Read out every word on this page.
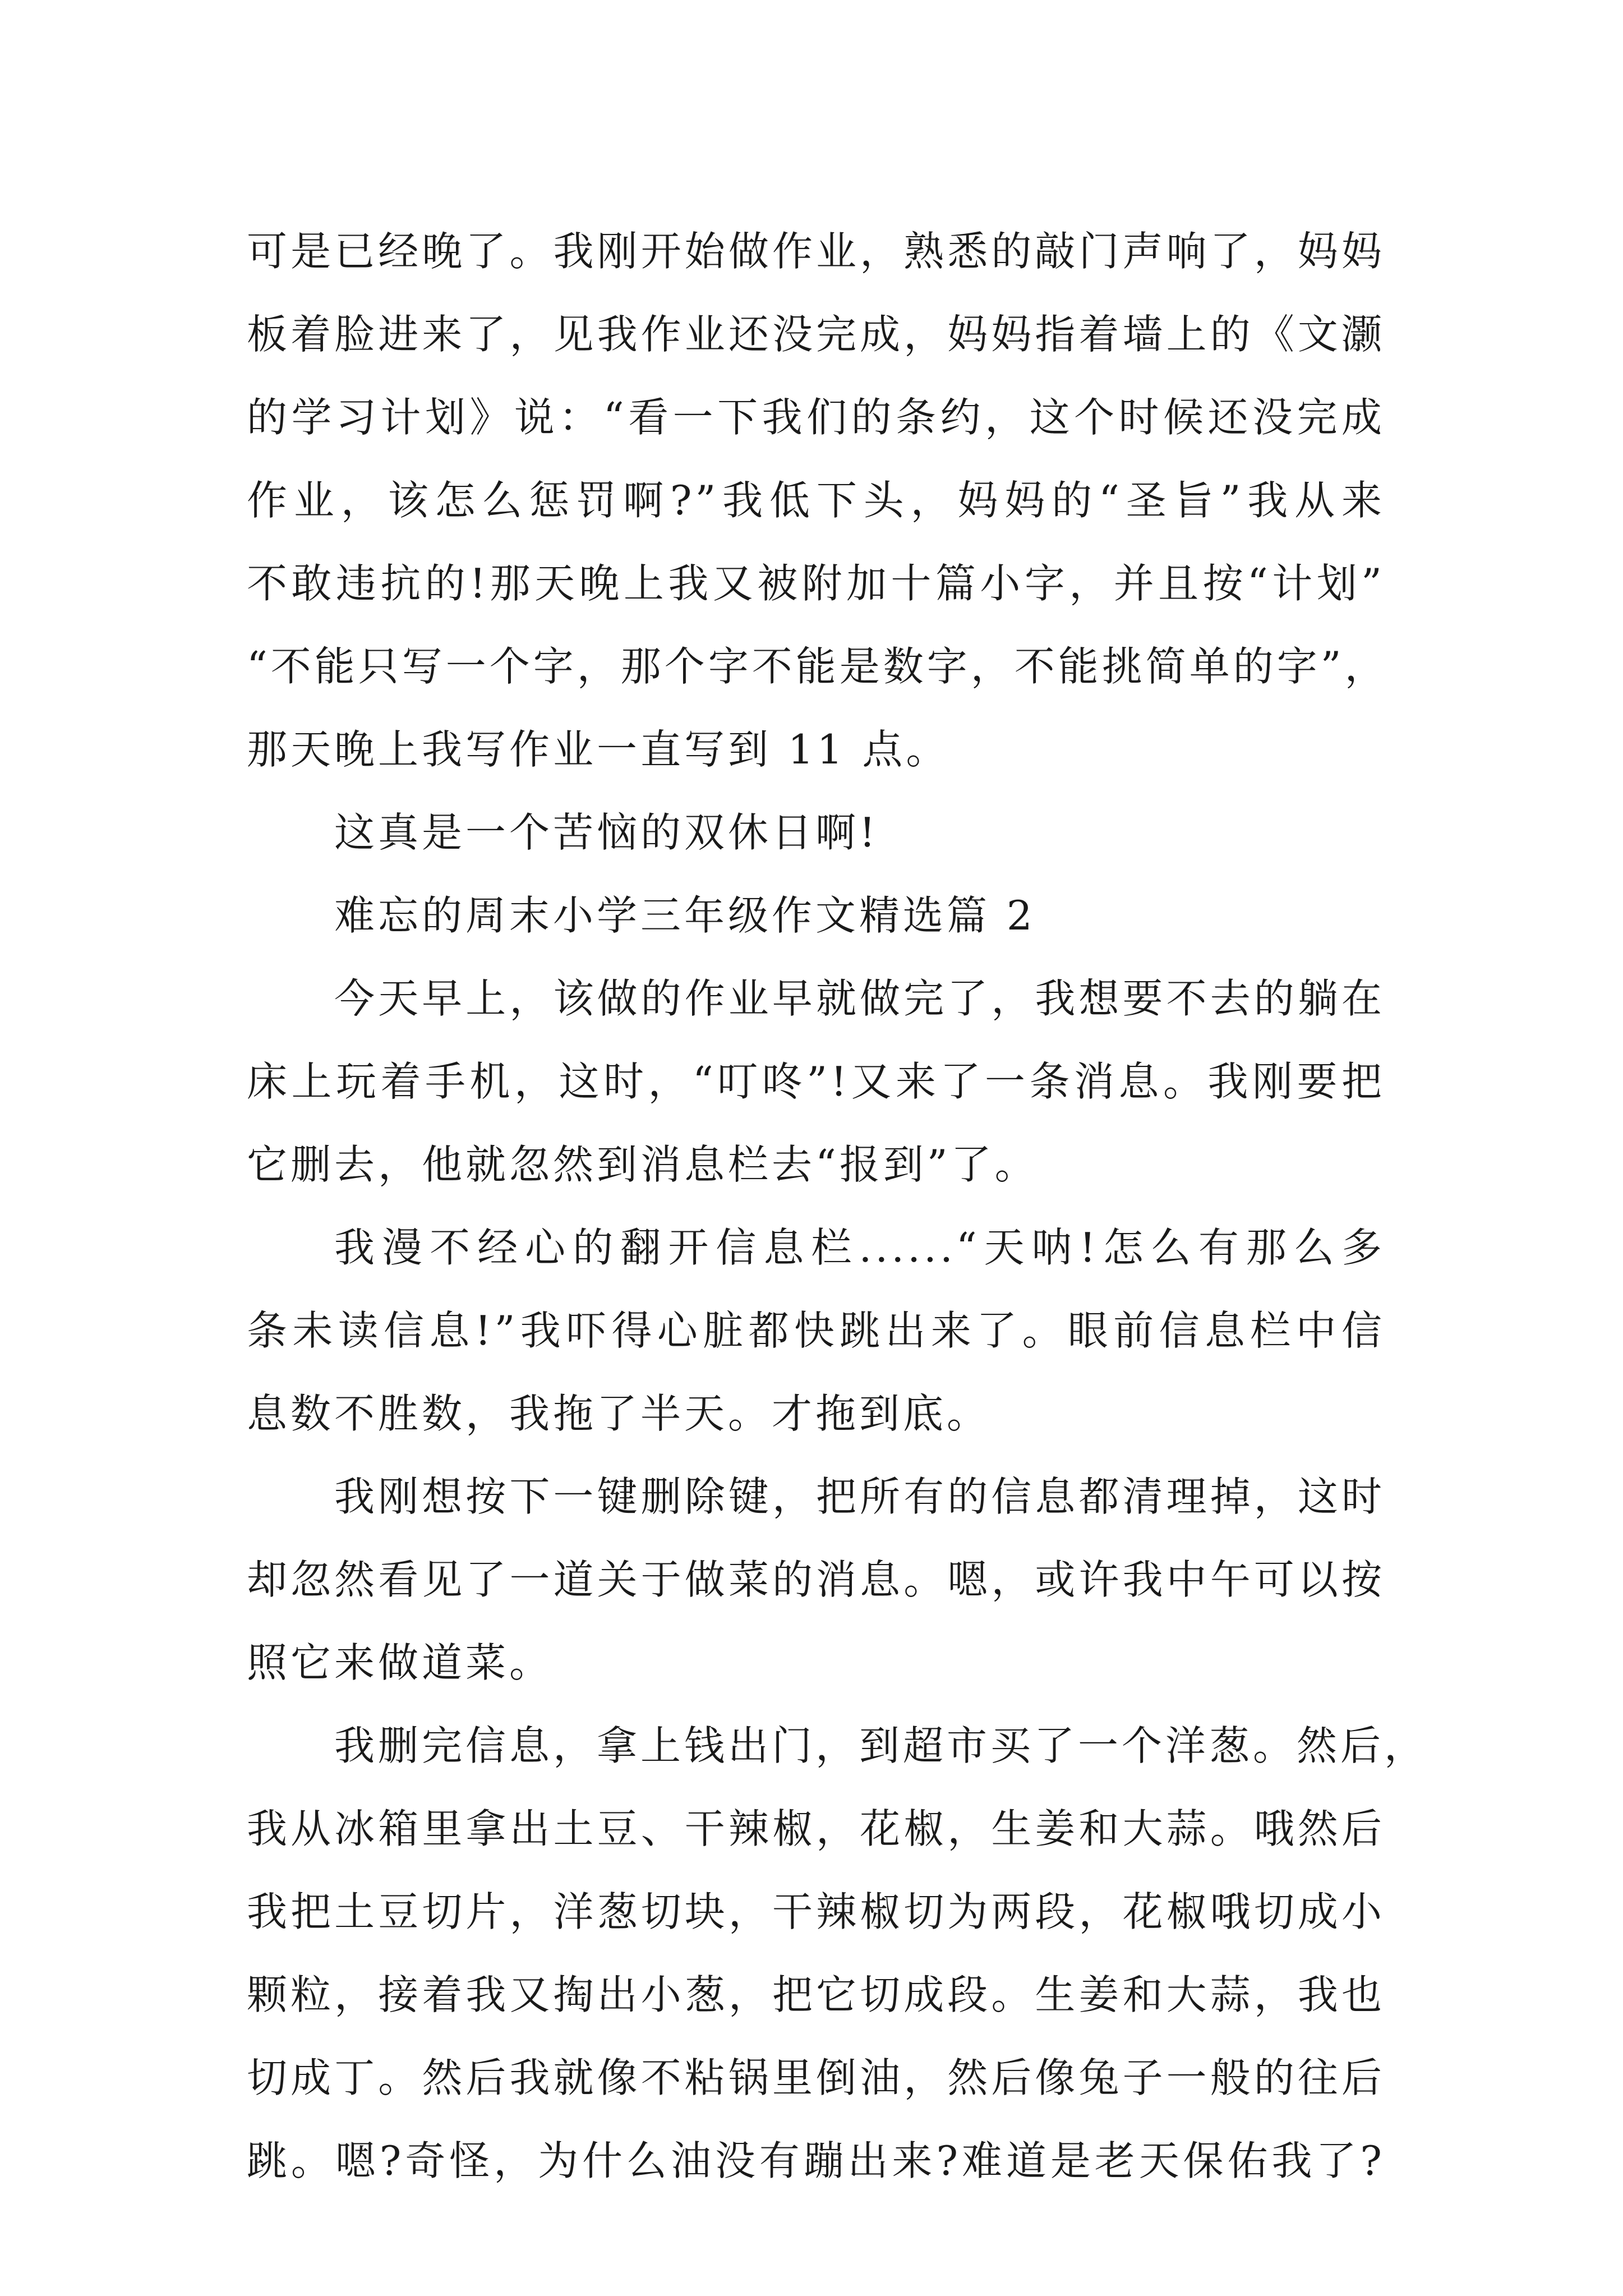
可是已经晚了。我刚开始做作业，熟悉的敲门声响了，妈妈
板着脸进来了，见我作业还没完成，妈妈指着墙上的《文灏
的学习计划》说：“看一下我们的条约，这个时候还没完成
作业，该怎么惩罚啊?”我低下头，妈妈的“圣旨”我从来
不敢违抗的!那天晚上我又被附加十篇小字，并且按“计划”
“不能只写一个字，那个字不能是数字，不能挑简单的字”，
那天晚上我写作业一直写到 11 点。
这真是一个苦恼的双休日啊!
难忘的周末小学三年级作文精选篇 2
今天早上，该做的作业早就做完了，我想要不去的躺在
床上玩着手机，这时，“叮咚”!又来了一条消息。我刚要把
它删去，他就忽然到消息栏去“报到”了。
我漫不经心的翻开信息栏......“天呐!怎么有那么多
条未读信息!”我吓得心脏都快跳出来了。眼前信息栏中信
息数不胜数，我拖了半天。才拖到底。
我刚想按下一键删除键，把所有的信息都清理掉，这时
却忽然看见了一道关于做菜的消息。嗯，或许我中午可以按
照它来做道菜。
我删完信息，拿上钱出门，到超市买了一个洋葱。然后，
我从冰箱里拿出土豆、干辣椒，花椒，生姜和大蒜。哦然后
我把土豆切片，洋葱切块，干辣椒切为两段，花椒哦切成小
颗粒，接着我又掏出小葱，把它切成段。生姜和大蒜，我也
切成丁。然后我就像不粘锅里倒油，然后像兔子一般的往后
跳。嗯?奇怪，为什么油没有蹦出来?难道是老天保佑我了?
